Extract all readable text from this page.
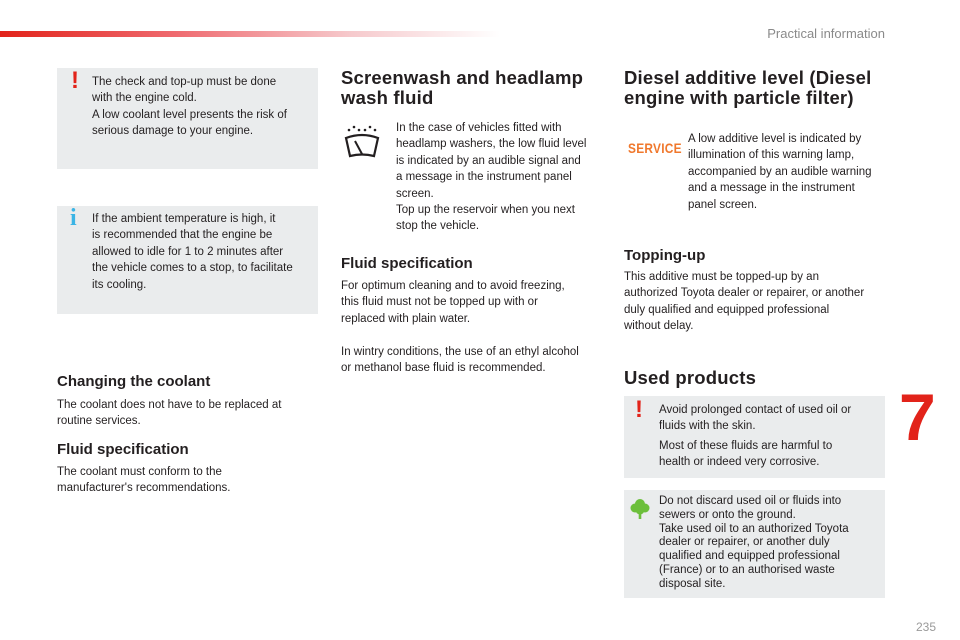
Practical information
7
235
! The check and top-up must be done
with the engine cold.
A low coolant level presents the risk of
serious damage to your engine.
i If the ambient temperature is high, it
is recommended that the engine be
allowed to idle for 1 to 2 minutes after
the vehicle comes to a stop, to facilitate
its cooling.
Changing the coolant
The coolant does not have to be replaced at
routine services.
Fluid specification
The coolant must conform to the
manufacturer's recommendations.
Screenwash and headlamp
wash fluid
In the case of vehicles fitted with
headlamp washers, the low fluid level
is indicated by an audible signal and
a message in the instrument panel
screen.
Top up the reservoir when you next
stop the vehicle.
Fluid specification
For optimum cleaning and to avoid freezing,
this fluid must not be topped up with or
replaced with plain water.
In wintry conditions, the use of an ethyl alcohol
or methanol base fluid is recommended.
Diesel additive level (Diesel
engine with particle filter)
SERVICE
A low additive level is indicated by
illumination of this warning lamp,
accompanied by an audible warning
and a message in the instrument
panel screen.
Topping-up
This additive must be topped-up by an
authorized Toyota dealer or repairer, or another
duly qualified and equipped professional
without delay.
Used products
! Avoid prolonged contact of used oil or
fluids with the skin.
Most of these fluids are harmful to
health or indeed very corrosive.
Do not discard used oil or fluids into
sewers or onto the ground.
Take used oil to an authorized Toyota
dealer or repairer, or another duly
qualified and equipped professional
(France) or to an authorised waste
disposal site.
